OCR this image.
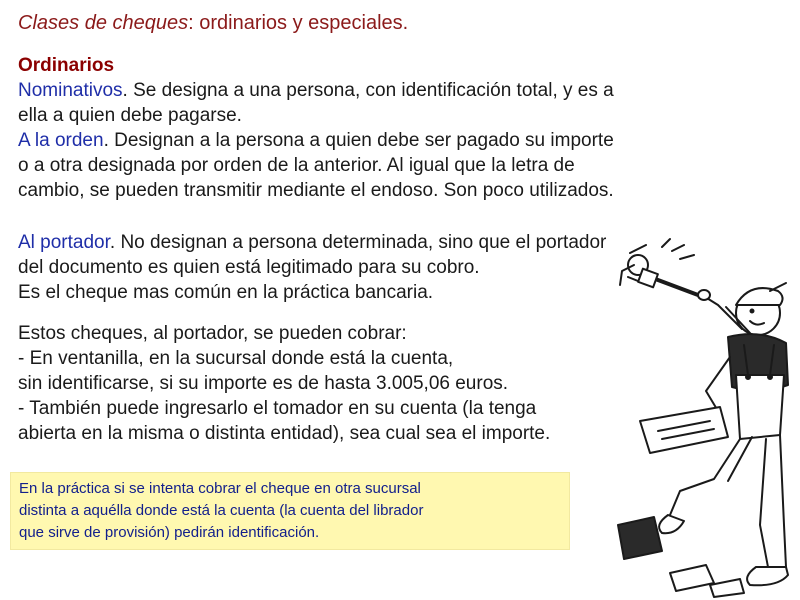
Clases de cheques: ordinarios y especiales.
Ordinarios
Nominativos. Se designa a una persona, con identificación total, y es a
ella a quien debe pagarse.
A la orden. Designan a la persona a quien debe ser pagado su importe
o a otra designada por orden de la anterior. Al igual que la letra de
cambio, se pueden transmitir mediante el endoso. Son poco utilizados.
Al portador. No designan a persona determinada, sino que el portador
del documento es quien está legitimado para su cobro.
Es el cheque mas común en la práctica bancaria.
Estos cheques, al portador, se pueden cobrar:
- En ventanilla, en la sucursal donde está la cuenta,
sin identificarse, si su importe es de hasta 3.005,06 euros.
- También puede ingresarlo el tomador en su cuenta (la tenga
abierta en la misma o distinta entidad), sea cual sea el importe.
En la práctica si se intenta cobrar el cheque en otra sucursal
distinta a aquélla donde está la cuenta (la cuenta del librador
que sirve de provisión) pedirán identificación.
